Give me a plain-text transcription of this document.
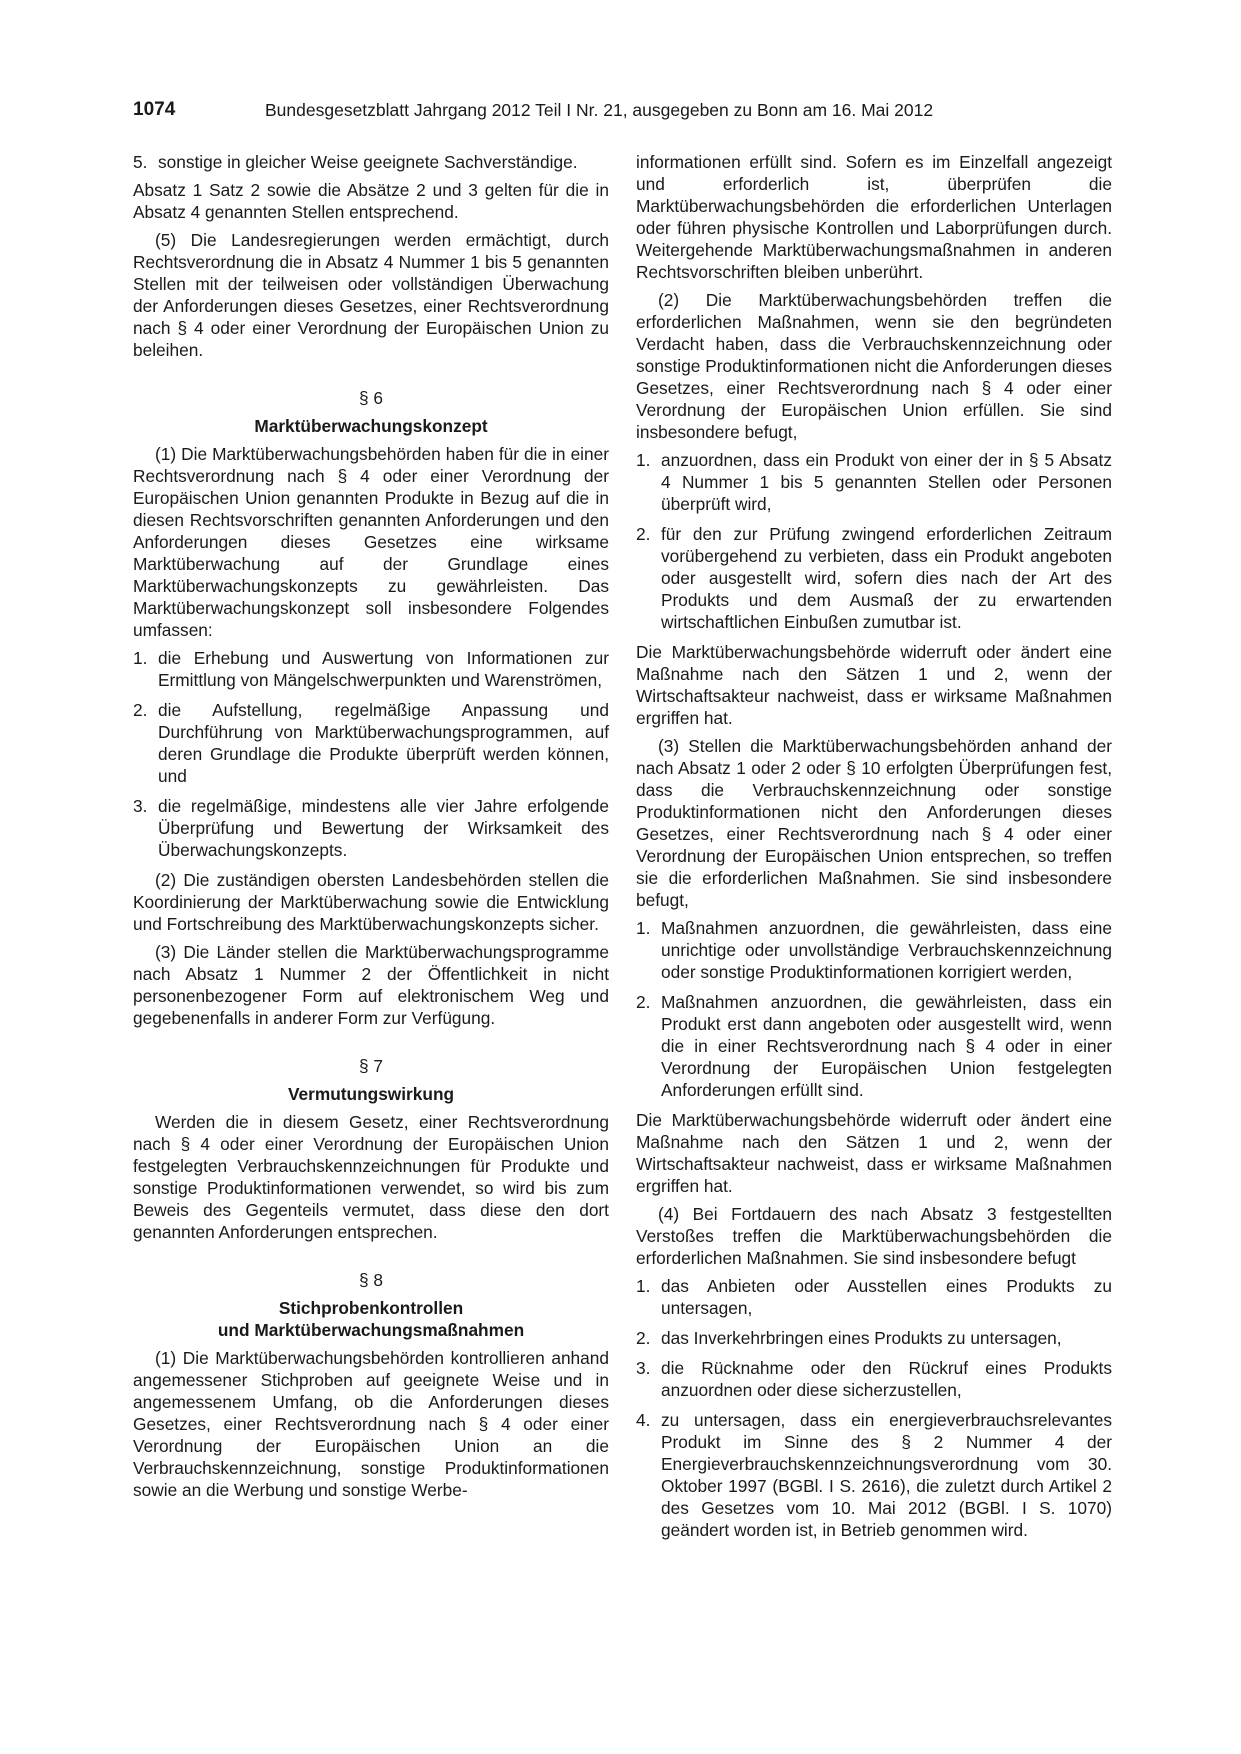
1074	Bundesgesetzblatt Jahrgang 2012 Teil I Nr. 21, ausgegeben zu Bonn am 16. Mai 2012
5. sonstige in gleicher Weise geeignete Sachverständige.

Absatz 1 Satz 2 sowie die Absätze 2 und 3 gelten für die in Absatz 4 genannten Stellen entsprechend.

(5) Die Landesregierungen werden ermächtigt, durch Rechtsverordnung die in Absatz 4 Nummer 1 bis 5 genannten Stellen mit der teilweisen oder vollständigen Überwachung der Anforderungen dieses Gesetzes, einer Rechtsverordnung nach § 4 oder einer Verordnung der Europäischen Union zu beleihen.

§ 6
Marktüberwachungskonzept

(1) Die Marktüberwachungsbehörden haben für die in einer Rechtsverordnung nach § 4 oder einer Verordnung der Europäischen Union genannten Produkte in Bezug auf die in diesen Rechtsvorschriften genannten Anforderungen und den Anforderungen dieses Gesetzes eine wirksame Marktüberwachung auf der Grundlage eines Marktüberwachungskonzepts zu gewährleisten. Das Marktüberwachungskonzept soll insbesondere Folgendes umfassen:

1. die Erhebung und Auswertung von Informationen zur Ermittlung von Mängelschwerpunkten und Warenströmen,
2. die Aufstellung, regelmäßige Anpassung und Durchführung von Marktüberwachungsprogrammen, auf deren Grundlage die Produkte überprüft werden können, und
3. die regelmäßige, mindestens alle vier Jahre erfolgende Überprüfung und Bewertung der Wirksamkeit des Überwachungskonzepts.

(2) Die zuständigen obersten Landesbehörden stellen die Koordinierung der Marktüberwachung sowie die Entwicklung und Fortschreibung des Marktüberwachungskonzepts sicher.

(3) Die Länder stellen die Marktüberwachungsprogramme nach Absatz 1 Nummer 2 der Öffentlichkeit in nicht personenbezogener Form auf elektronischem Weg und gegebenenfalls in anderer Form zur Verfügung.

§ 7
Vermutungswirkung

Werden die in diesem Gesetz, einer Rechtsverordnung nach § 4 oder einer Verordnung der Europäischen Union festgelegten Verbrauchskennzeichnungen für Produkte und sonstige Produktinformationen verwendet, so wird bis zum Beweis des Gegenteils vermutet, dass diese den dort genannten Anforderungen entsprechen.

§ 8
Stichprobenkontrollen
und Marktüberwachungsmaßnahmen

(1) Die Marktüberwachungsbehörden kontrollieren anhand angemessener Stichproben auf geeignete Weise und in angemessenem Umfang, ob die Anforderungen dieses Gesetzes, einer Rechtsverordnung nach § 4 oder einer Verordnung der Europäischen Union an die Verbrauchskennzeichnung, sonstige Produktinformationen sowie an die Werbung und sonstige Werbe-

informationen erfüllt sind. Sofern es im Einzelfall angezeigt und erforderlich ist, überprüfen die Marktüberwachungsbehörden die erforderlichen Unterlagen oder führen physische Kontrollen und Laborprüfungen durch. Weitergehende Marktüberwachungsmaßnahmen in anderen Rechtsvorschriften bleiben unberührt.

(2) Die Marktüberwachungsbehörden treffen die erforderlichen Maßnahmen, wenn sie den begründeten Verdacht haben, dass die Verbrauchskennzeichnung oder sonstige Produktinformationen nicht die Anforderungen dieses Gesetzes, einer Rechtsverordnung nach § 4 oder einer Verordnung der Europäischen Union erfüllen. Sie sind insbesondere befugt,

1. anzuordnen, dass ein Produkt von einer der in § 5 Absatz 4 Nummer 1 bis 5 genannten Stellen oder Personen überprüft wird,
2. für den zur Prüfung zwingend erforderlichen Zeitraum vorübergehend zu verbieten, dass ein Produkt angeboten oder ausgestellt wird, sofern dies nach der Art des Produkts und dem Ausmaß der zu erwartenden wirtschaftlichen Einbußen zumutbar ist.

Die Marktüberwachungsbehörde widerruft oder ändert eine Maßnahme nach den Sätzen 1 und 2, wenn der Wirtschaftsakteur nachweist, dass er wirksame Maßnahmen ergriffen hat.

(3) Stellen die Marktüberwachungsbehörden anhand der nach Absatz 1 oder 2 oder § 10 erfolgten Überprüfungen fest, dass die Verbrauchskennzeichnung oder sonstige Produktinformationen nicht den Anforderungen dieses Gesetzes, einer Rechtsverordnung nach § 4 oder einer Verordnung der Europäischen Union entsprechen, so treffen sie die erforderlichen Maßnahmen. Sie sind insbesondere befugt,

1. Maßnahmen anzuordnen, die gewährleisten, dass eine unrichtige oder unvollständige Verbrauchskennzeichnung oder sonstige Produktinformationen korrigiert werden,
2. Maßnahmen anzuordnen, die gewährleisten, dass ein Produkt erst dann angeboten oder ausgestellt wird, wenn die in einer Rechtsverordnung nach § 4 oder in einer Verordnung der Europäischen Union festgelegten Anforderungen erfüllt sind.

Die Marktüberwachungsbehörde widerruft oder ändert eine Maßnahme nach den Sätzen 1 und 2, wenn der Wirtschaftsakteur nachweist, dass er wirksame Maßnahmen ergriffen hat.

(4) Bei Fortdauern des nach Absatz 3 festgestellten Verstoßes treffen die Marktüberwachungsbehörden die erforderlichen Maßnahmen. Sie sind insbesondere befugt

1. das Anbieten oder Ausstellen eines Produkts zu untersagen,
2. das Inverkehrbringen eines Produkts zu untersagen,
3. die Rücknahme oder den Rückruf eines Produkts anzuordnen oder diese sicherzustellen,
4. zu untersagen, dass ein energieverbrauchsrelevantes Produkt im Sinne des § 2 Nummer 4 der Energieverbrauchskennzeichnungsverordnung vom 30. Oktober 1997 (BGBl. I S. 2616), die zuletzt durch Artikel 2 des Gesetzes vom 10. Mai 2012 (BGBl. I S. 1070) geändert worden ist, in Betrieb genommen wird.
